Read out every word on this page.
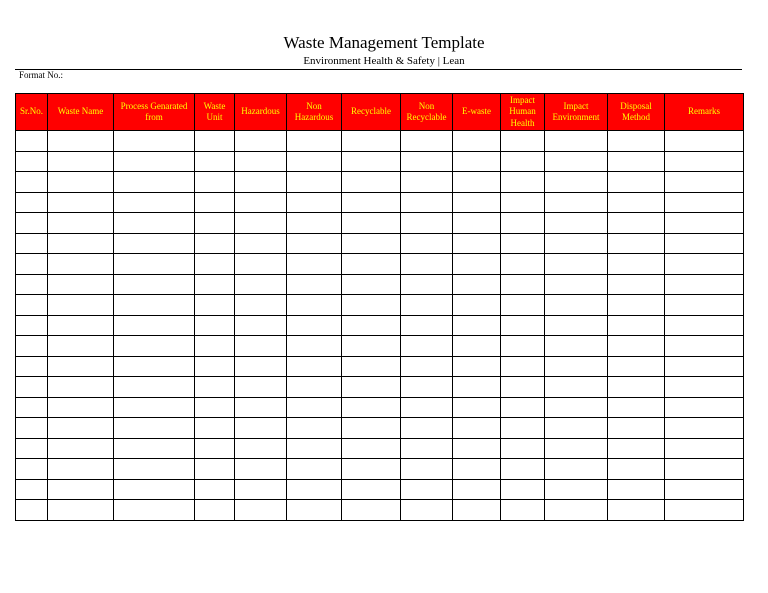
Waste Management Template
Environment Health & Safety | Lean
Format No.:
Sr.No.	Waste Name	Process Genarated from	Waste Unit	Hazardous	Non Hazardous	Recyclable	Non Recyclable	E-waste	Impact Human Health	Impact Environment	Disposal Method	Remarks
